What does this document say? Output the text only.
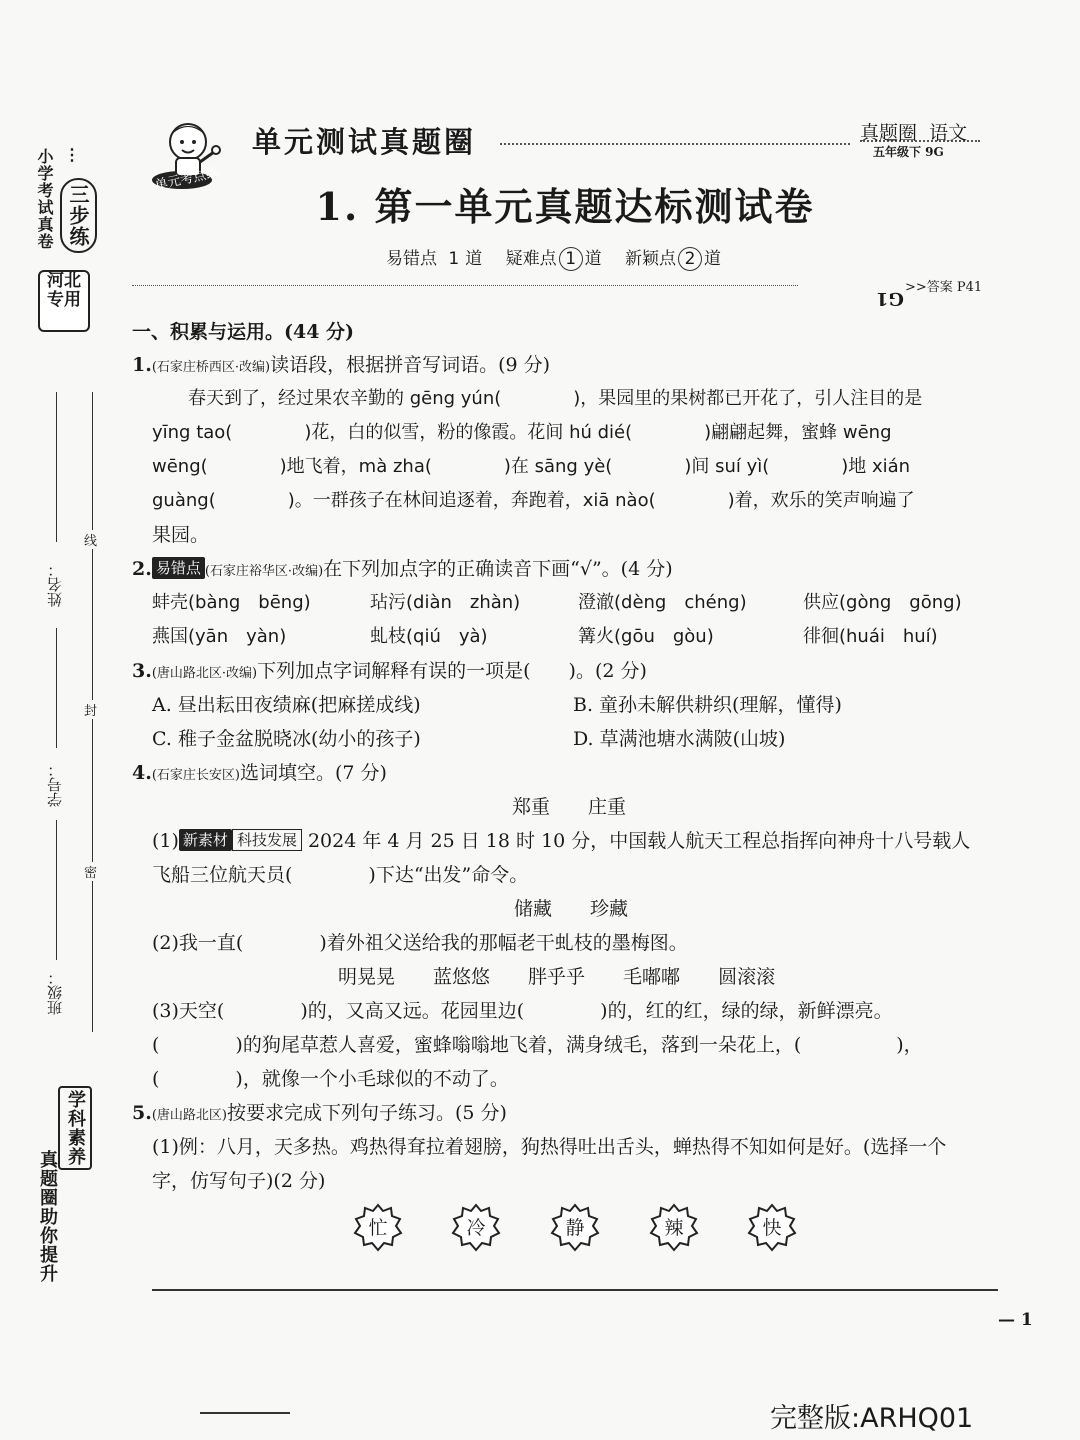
⋮
小学考试真卷 三步练
河北专用
姓名：
学号：
班级：
线
封
密
学科素养
真题圈助你提升
单元考点练
单元测试真题圈	真题圈  语文
五年级下 9G
1. 第一单元真题达标测试卷
易错点 1 道 疑难点 1 道 新颖点 2 道
>>答案 P41
G1
一、积累与运用。(44 分)
1.(石家庄桥西区·改编)读语段，根据拼音写词语。(9 分)
　　春天到了，经过果农辛勤的 gēng yún(　　　　)，果园里的果树都已开花了，引人注目的是
yīng tao(　　　　)花，白的似雪，粉的像霞。花间 hú dié(　　　　)翩翩起舞，蜜蜂 wēng
wēng(　　　　)地飞着，mà zha(　　　　)在 sāng yè(　　　　)间 suí yì(　　　　)地 xián
guàng(　　　　)。一群孩子在林间追逐着，奔跑着，xiā nào(　　　　)着，欢乐的笑声响遍了
果园。
2. 易错点 (石家庄裕华区·改编)在下列加点字的正确读音下画“√”。(4 分)
蚌壳(bàng　bēng)	玷污(diàn　zhàn)	澄澈(dèng　chéng)	供应(gòng　gōng)
燕国(yān　yàn)	虬枝(qiú　yà)	篝火(gōu　gòu)	徘徊(huái　huí)
3.(唐山路北区·改编)下列加点字词解释有误的一项是(　　)。(2 分)
A. 昼出耘田夜绩麻(把麻搓成线)	B. 童孙未解供耕织(理解，懂得)
C. 稚子金盆脱晓冰(幼小的孩子)	D. 草满池塘水满陂(山坡)
4.(石家庄长安区)选词填空。(7 分)
郑重 庄重
(1) 新素材 科技发展 2024 年 4 月 25 日 18 时 10 分，中国载人航天工程总指挥向神舟十八号载人
飞船三位航天员(　　　　)下达“出发”命令。
储藏 珍藏
(2)我一直(　　　　)着外祖父送给我的那幅老干虬枝的墨梅图。
明晃晃 蓝悠悠 胖乎乎 毛嘟嘟 圆滚滚
(3)天空(　　　　)的，又高又远。花园里边(　　　　)的，红的红，绿的绿，新鲜漂亮。
(　　　　)的狗尾草惹人喜爱，蜜蜂嗡嗡地飞着，满身绒毛，落到一朵花上，(　　　　　)，
(　　　　)，就像一个小毛球似的不动了。
5.(唐山路北区)按要求完成下列句子练习。(5 分)
(1)例：八月，天多热。鸡热得耷拉着翅膀，狗热得吐出舌头，蝉热得不知如何是好。(选择一个
字，仿写句子)(2 分)
忙	冷	静	辣	快
— 1
完整版:ARHQ01
